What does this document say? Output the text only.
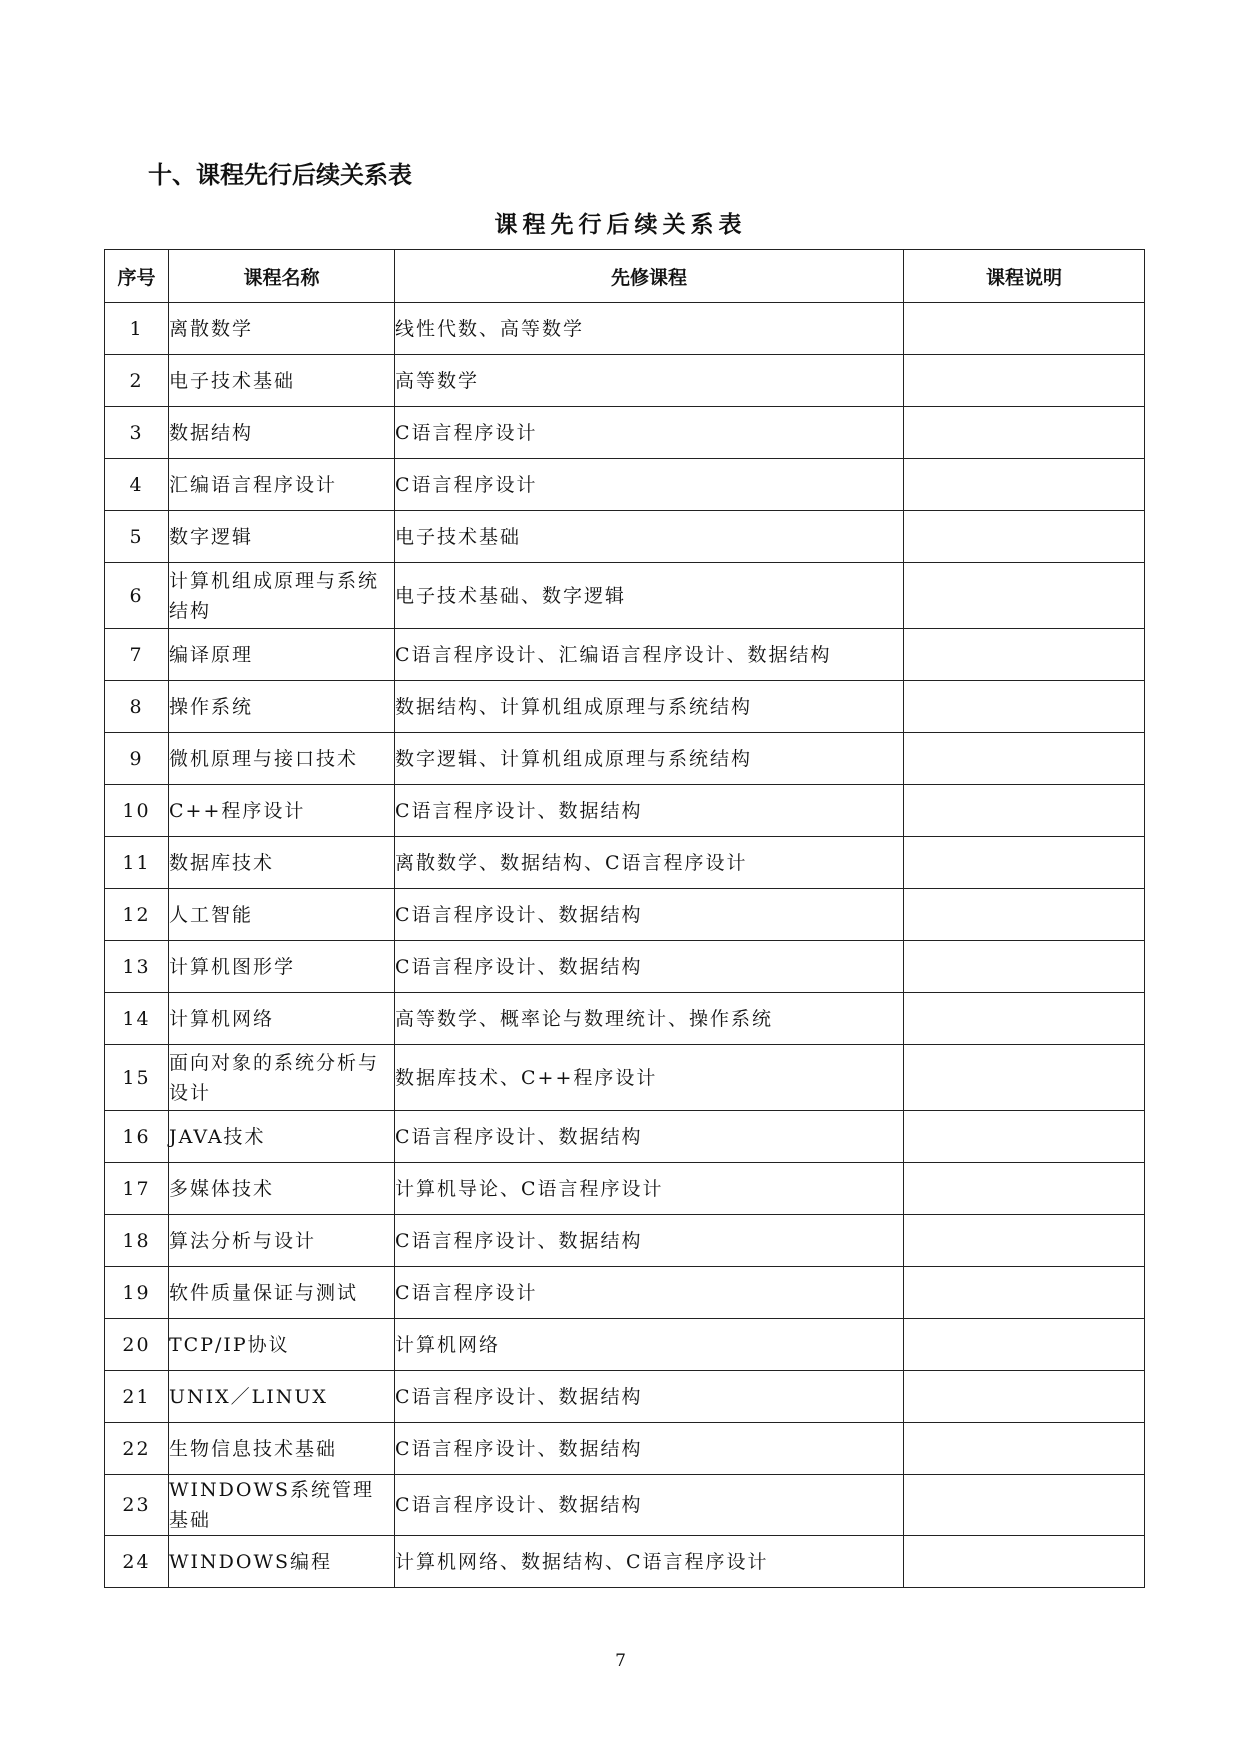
十、课程先行后续关系表
课程先行后续关系表
序号	课程名称	先修课程	课程说明
1	离散数学	线性代数、高等数学	
2	电子技术基础	高等数学	
3	数据结构	C语言程序设计	
4	汇编语言程序设计	C语言程序设计	
5	数字逻辑	电子技术基础	
6	计算机组成原理与系统结构	电子技术基础、数字逻辑	
7	编译原理	C语言程序设计、汇编语言程序设计、数据结构	
8	操作系统	数据结构、计算机组成原理与系统结构	
9	微机原理与接口技术	数字逻辑、计算机组成原理与系统结构	
10	C++程序设计	C语言程序设计、数据结构	
11	数据库技术	离散数学、数据结构、C语言程序设计	
12	人工智能	C语言程序设计、数据结构	
13	计算机图形学	C语言程序设计、数据结构	
14	计算机网络	高等数学、概率论与数理统计、操作系统	
15	面向对象的系统分析与设计	数据库技术、C++程序设计	
16	JAVA技术	C语言程序设计、数据结构	
17	多媒体技术	计算机导论、C语言程序设计	
18	算法分析与设计	C语言程序设计、数据结构	
19	软件质量保证与测试	C语言程序设计	
20	TCP/IP协议	计算机网络	
21	UNIX／LINUX	C语言程序设计、数据结构	
22	生物信息技术基础	C语言程序设计、数据结构	
23	WINDOWS系统管理基础	C语言程序设计、数据结构	
24	WINDOWS编程	计算机网络、数据结构、C语言程序设计	
7
